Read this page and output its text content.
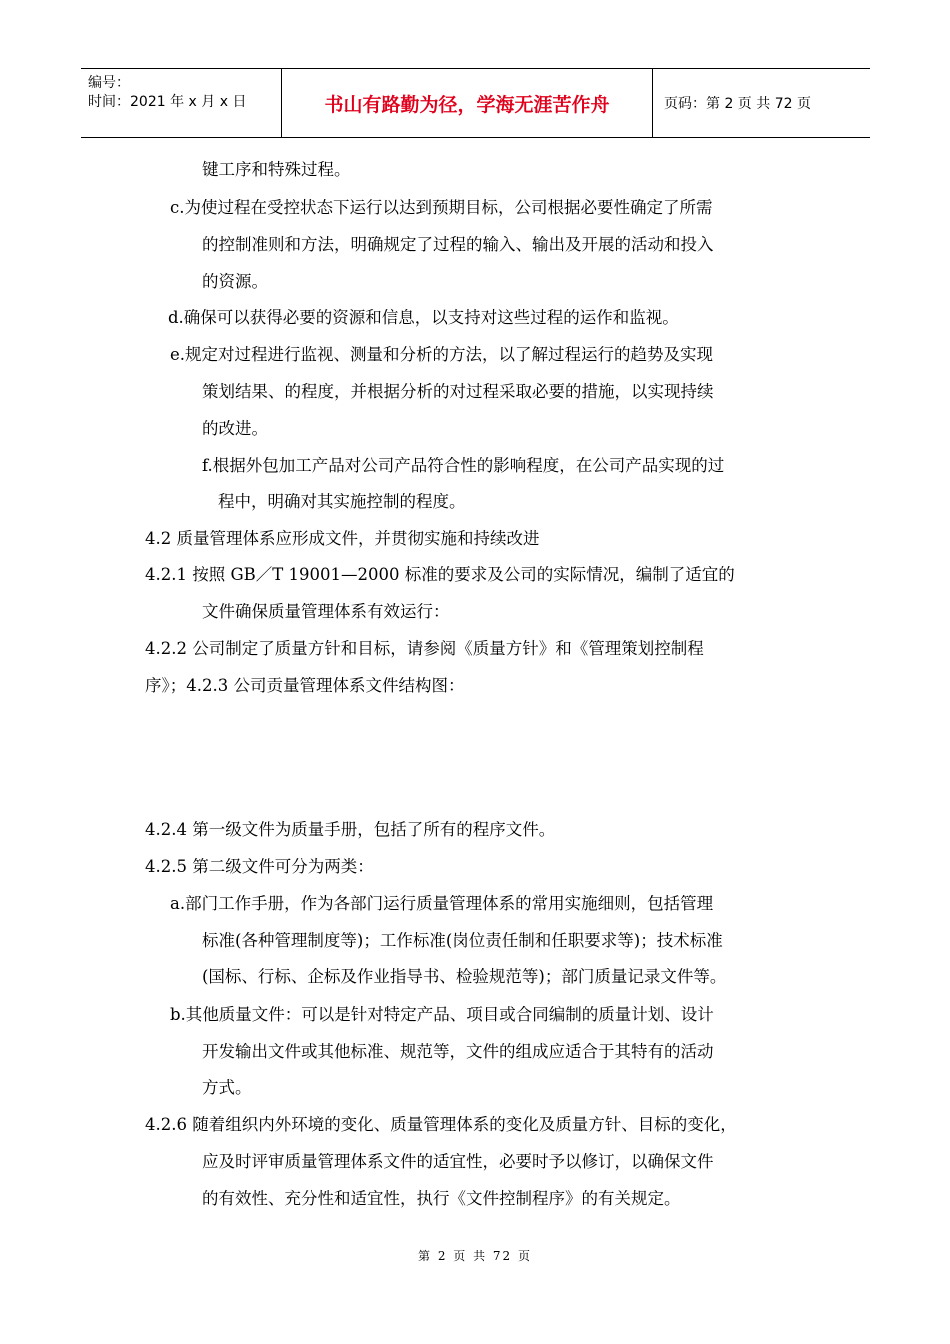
编号：
时间：2021 年 x 月 x 日	书山有路勤为径，学海无涯苦作舟	页码：第 2 页 共 72 页
键工序和特殊过程。
c.为使过程在受控状态下运行以达到预期目标，公司根据必要性确定了所需
的控制准则和方法，明确规定了过程的输入、输出及开展的活动和投入
的资源。
d.确保可以获得必要的资源和信息，以支持对这些过程的运作和监视。
e.规定对过程进行监视、测量和分析的方法，以了解过程运行的趋势及实现
策划结果、的程度，并根据分析的对过程采取必要的措施，以实现持续
的改进。
f.根据外包加工产品对公司产品符合性的影响程度，在公司产品实现的过
程中，明确对其实施控制的程度。
4.2 质量管理体系应形成文件，并贯彻实施和持续改进
4.2.1 按照 GB／T 19001—2000 标准的要求及公司的实际情况，编制了适宜的
文件确保质量管理体系有效运行：
4.2.2 公司制定了质量方针和目标，请参阅《质量方针》和《管理策划控制程
序》；4.2.3 公司贡量管理体系文件结构图：
4.2.4 第一级文件为质量手册，包括了所有的程序文件。
4.2.5 第二级文件可分为两类：
a.部门工作手册，作为各部门运行质量管理体系的常用实施细则，包括管理
标准(各种管理制度等)；工作标准(岗位责任制和任职要求等)；技术标准
(国标、行标、企标及作业指导书、检验规范等)；部门质量记录文件等。
b.其他质量文件：可以是针对特定产品、项目或合同编制的质量计划、设计
开发输出文件或其他标准、规范等，文件的组成应适合于其特有的活动
方式。
4.2.6 随着组织内外环境的变化、质量管理体系的变化及质量方针、目标的变化，
应及时评审质量管理体系文件的适宜性，必要时予以修订，以确保文件
的有效性、充分性和适宜性，执行《文件控制程序》的有关规定。
第 2 页 共 72 页
